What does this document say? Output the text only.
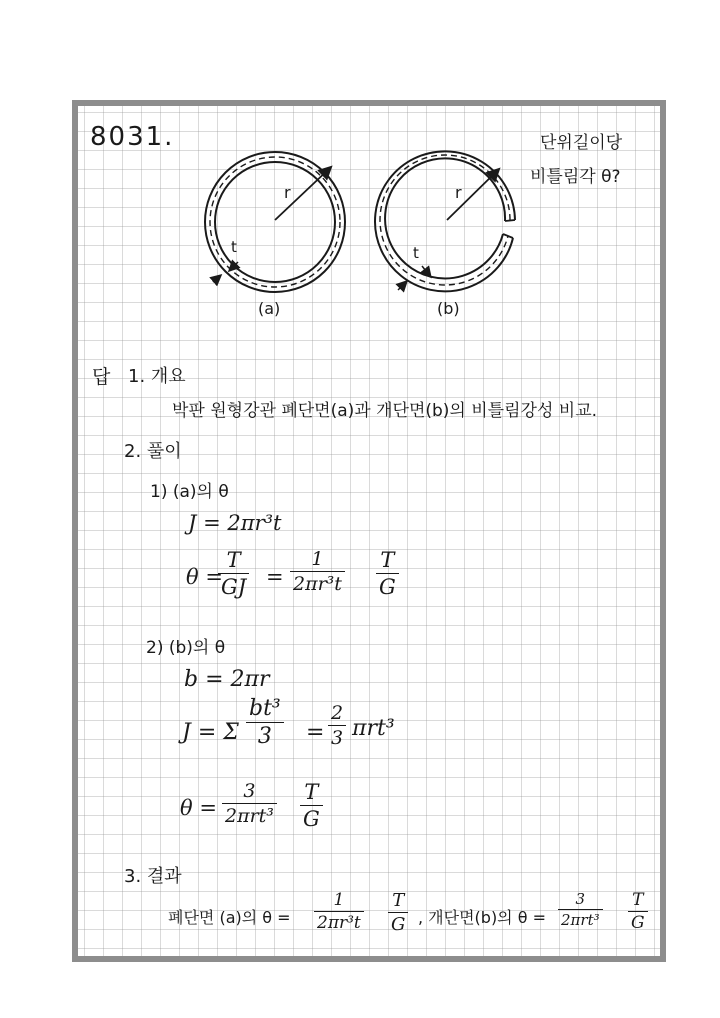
8031.	단위길이당
비틀림각 θ?
r
t
(a)
r
t
(b)
답 1. 개요
박판 원형강관 폐단면(a)과 개단면(b)의 비틀림강성 비교.
2. 풀이
1) (a)의 θ
J = 2πr³t
θ =
T
GJ =
1
2πr³t
T
G
2) (b)의 θ
b = 2πr
J = Σ
bt³
3 =
2
3 πrt³
θ =
3
2πrt³
T
G
3. 결과
폐단면 (a)의 θ =
1
2πr³t
T
G , 개단면(b)의 θ =
3
2πrt³
T
G
